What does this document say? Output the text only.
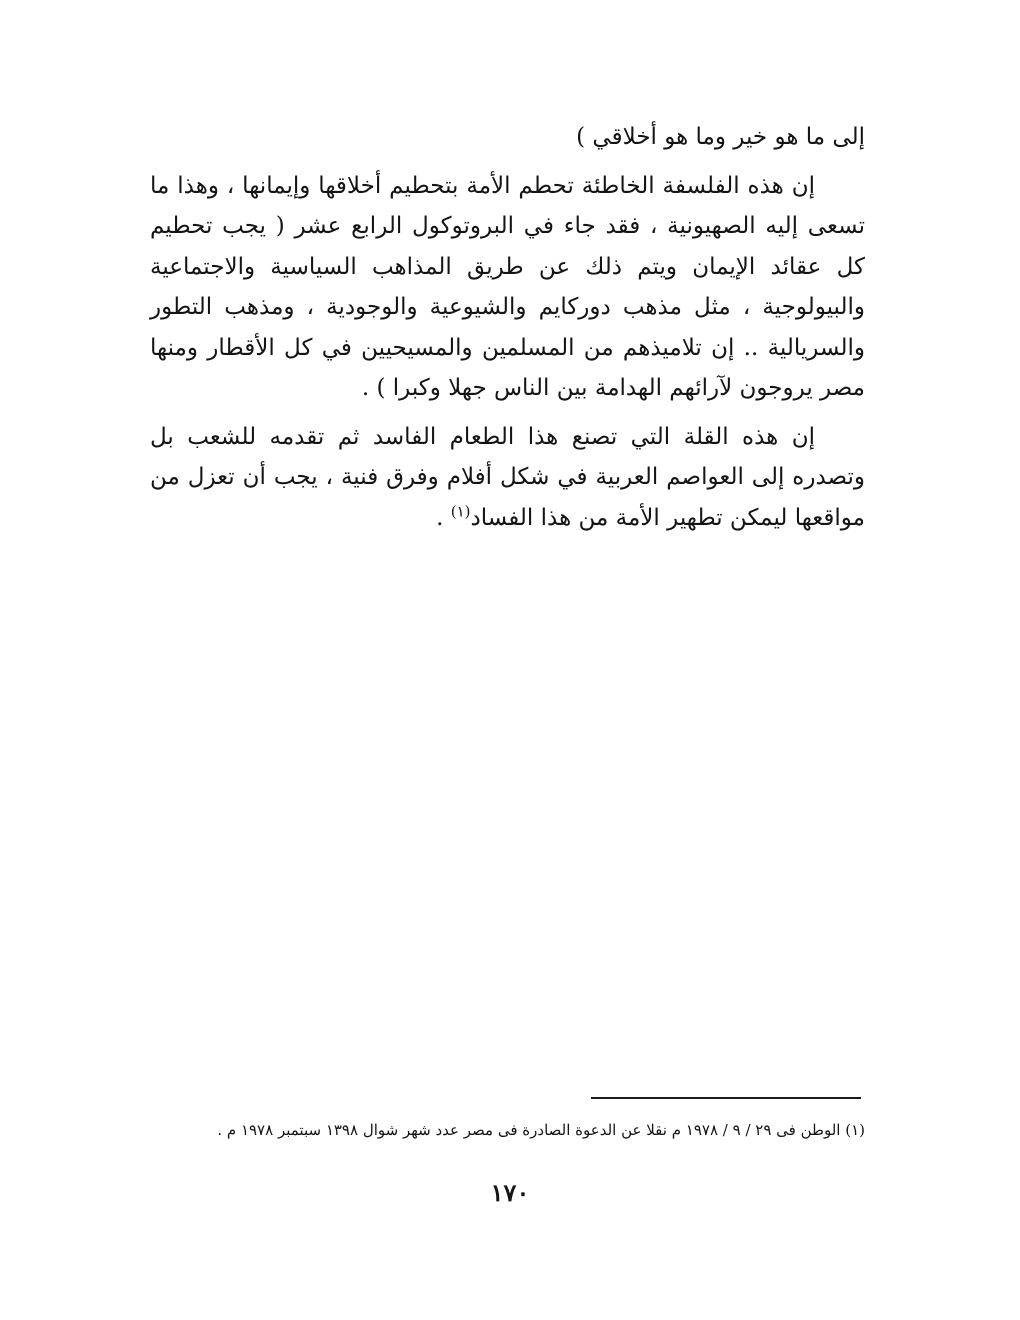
إلى ما هو خير وما هو أخلاقي )

إن هذه الفلسفة الخاطئة تحطم الأمة بتحطيم أخلاقها وإيمانها ، وهذا ما تسعى إليه الصهيونية ، فقد جاء في البروتوكول الرابع عشر ( يجب تحطيم كل عقائد الإيمان ويتم ذلك عن طريق المذاهب السياسية والاجتماعية والبيولوجية ، مثل مذهب دوركايم والشيوعية والوجودية ، ومذهب التطور والسريالية .. إن تلاميذهم من المسلمين والمسيحيين في كل الأقطار ومنها مصر يروجون لآرائهم الهدامة بين الناس جهلا وكبرا ) .

إن هذه القلة التي تصنع هذا الطعام الفاسد ثم تقدمه للشعب بل وتصدره إلى العواصم العربية في شكل أفلام وفرق فنية ، يجب أن تعزل من مواقعها ليمكن تطهير الأمة من هذا الفساد$^{(١)}$ .

(١) الوطن فى ٢٩ / ٩ / ١٩٧٨ م نقلا عن الدعوة الصادرة فى مصر عدد شهر شوال ١٣٩٨ سبتمبر ١٩٧٨ م .

١٧٠
